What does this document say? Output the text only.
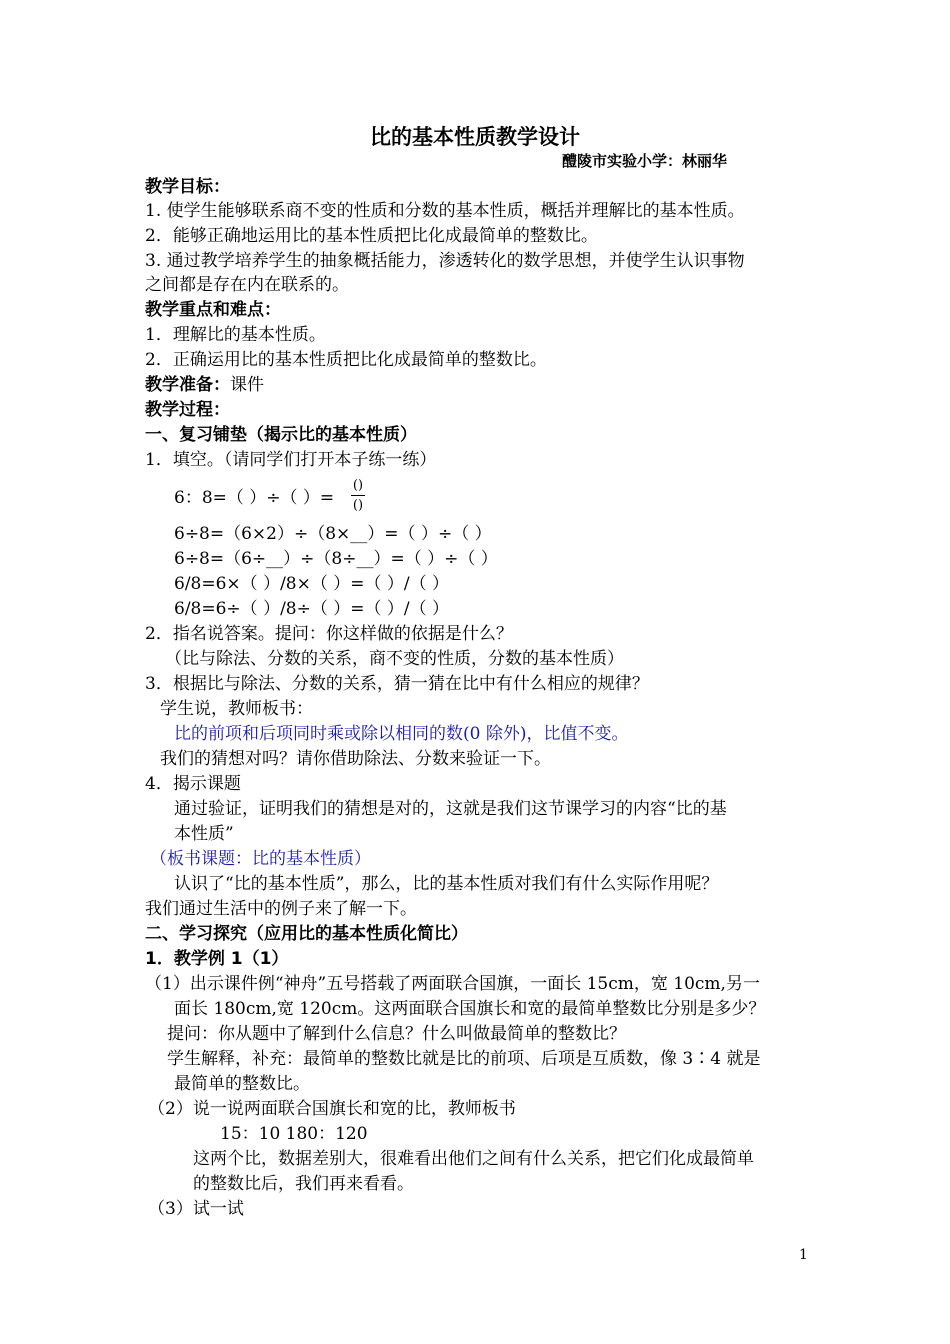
比的基本性质教学设计
醴陵市实验小学：林丽华
教学目标：
1. 使学生能够联系商不变的性质和分数的基本性质，概括并理解比的基本性质。
2．能够正确地运用比的基本性质把比化成最简单的整数比。
3. 通过教学培养学生的抽象概括能力，渗透转化的数学思想，并使学生认识事物
之间都是存在内在联系的。
教学重点和难点：
1．理解比的基本性质。
2．正确运用比的基本性质把比化成最简单的整数比。
教学准备：课件
教学过程：
一、复习铺垫（揭示比的基本性质）
1．填空。（请同学们打开本子练一练）
6：8=（ ）÷（ ）=
()
()
6÷8=（6×2）÷（8×__）=（ ）÷（ ）
6÷8=（6÷__）÷（8÷__）=（ ）÷（ ）
6/8=6×（ ）/8×（ ）=（ ）/（ ）
6/8=6÷（ ）/8÷（ ）=（ ）/（ ）
2．指名说答案。提问：你这样做的依据是什么？
（比与除法、分数的关系，商不变的性质，分数的基本性质）
3．根据比与除法、分数的关系，猜一猜在比中有什么相应的规律？
学生说，教师板书：
比的前项和后项同时乘或除以相同的数(0 除外)，比值不变。
我们的猜想对吗？请你借助除法、分数来验证一下。
4．揭示课题
通过验证，证明我们的猜想是对的，这就是我们这节课学习的内容“比的基
本性质”
（板书课题：比的基本性质）
认识了“比的基本性质”，那么，比的基本性质对我们有什么实际作用呢？
我们通过生活中的例子来了解一下。
二、学习探究（应用比的基本性质化简比）
1．教学例 1（1）
（1）出示课件例“神舟”五号搭载了两面联合国旗，一面长 15cm，宽 10cm,另一
面长 180cm,宽 120cm。这两面联合国旗长和宽的最简单整数比分别是多少？
提问：你从题中了解到什么信息？什么叫做最简单的整数比？
学生解释，补充：最简单的整数比就是比的前项、后项是互质数，像 3∶4 就是
最简单的整数比。
（2）说一说两面联合国旗长和宽的比，教师板书
15：10 180：120
这两个比，数据差别大，很难看出他们之间有什么关系，把它们化成最简单
的整数比后，我们再来看看。
（3）试一试
1
